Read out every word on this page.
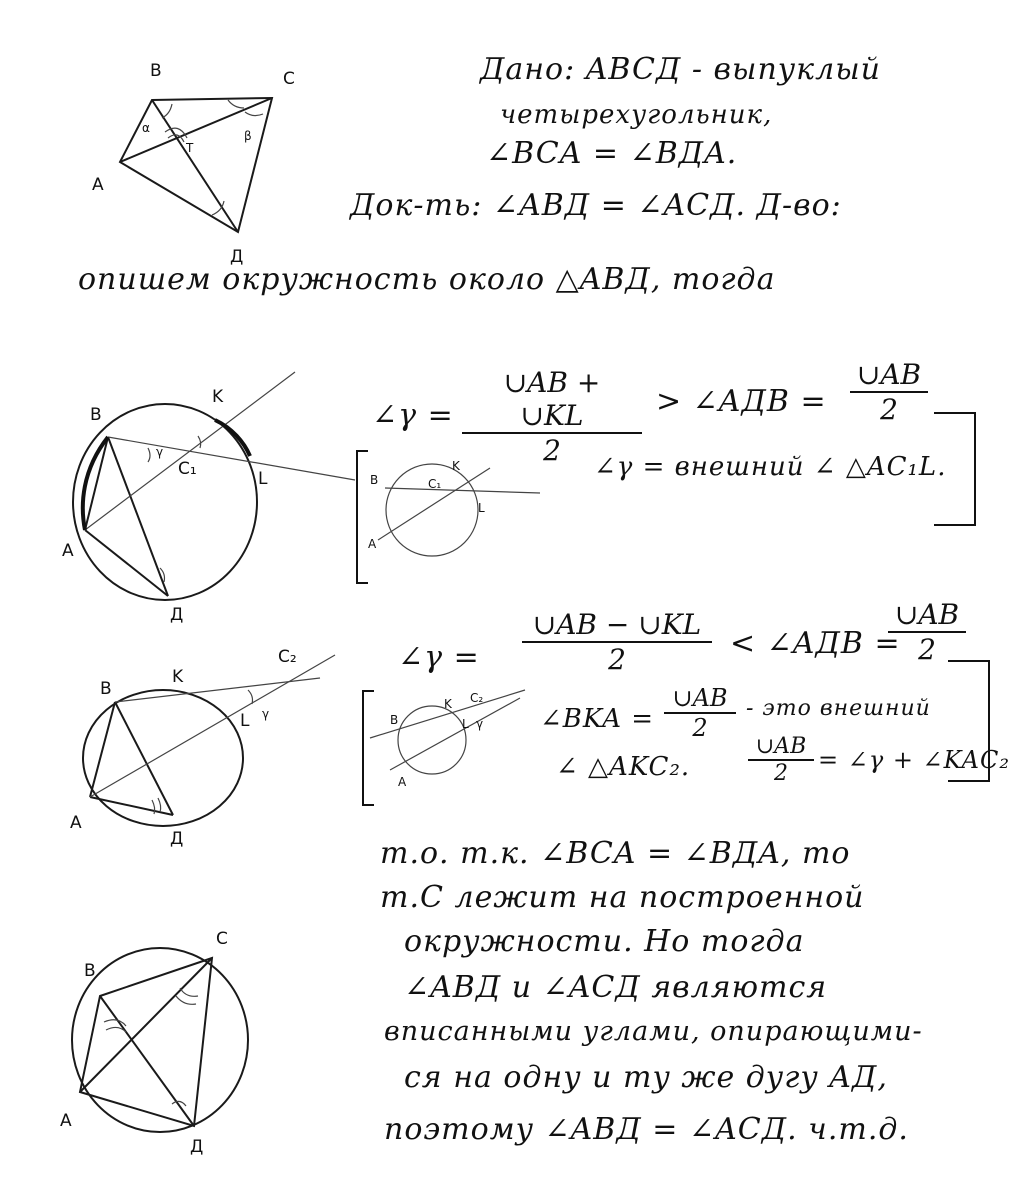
B	C
A
Д
α
β
T
B
K
C₁	L
A
Д
γ
B
K
C₁
L
A
B
K
C₂
L
A
Д
γ	B
K C₂
L γ
A
B
C
A
Д
Дано: ABCД - выпуклый
четырехугольник,
∠BCA = ∠BДA.
Док-ть: ∠ABД = ∠ACД. Д-во:
опишем окружность около △ABД, тогда
∠γ = $\frac{\cup AB + \cup KL}{2}$ > ∠AДB = $\frac{\cup AB}{2}$
∠γ = внешний ∠ △AC₁L.
∠γ = $\frac{\cup AB - \cup KL}{2}$ < ∠AДB =
$\frac{\cup AB}{2}$
∠BKA = $\frac{\cup AB}{2}$ - это внешний
∠ △AKC₂.	$\frac{\cup AB}{2}$ = ∠γ + ∠KAC₂
т.о. т.к. ∠BCA = ∠BДA, то
т.C лежит на построенной
окружности. Но тогда
∠ABД и ∠ACД являются
вписанными углами, опирающими-
ся на одну и ту же дугу AД,
поэтому ∠ABД = ∠ACД. ч.т.д.
